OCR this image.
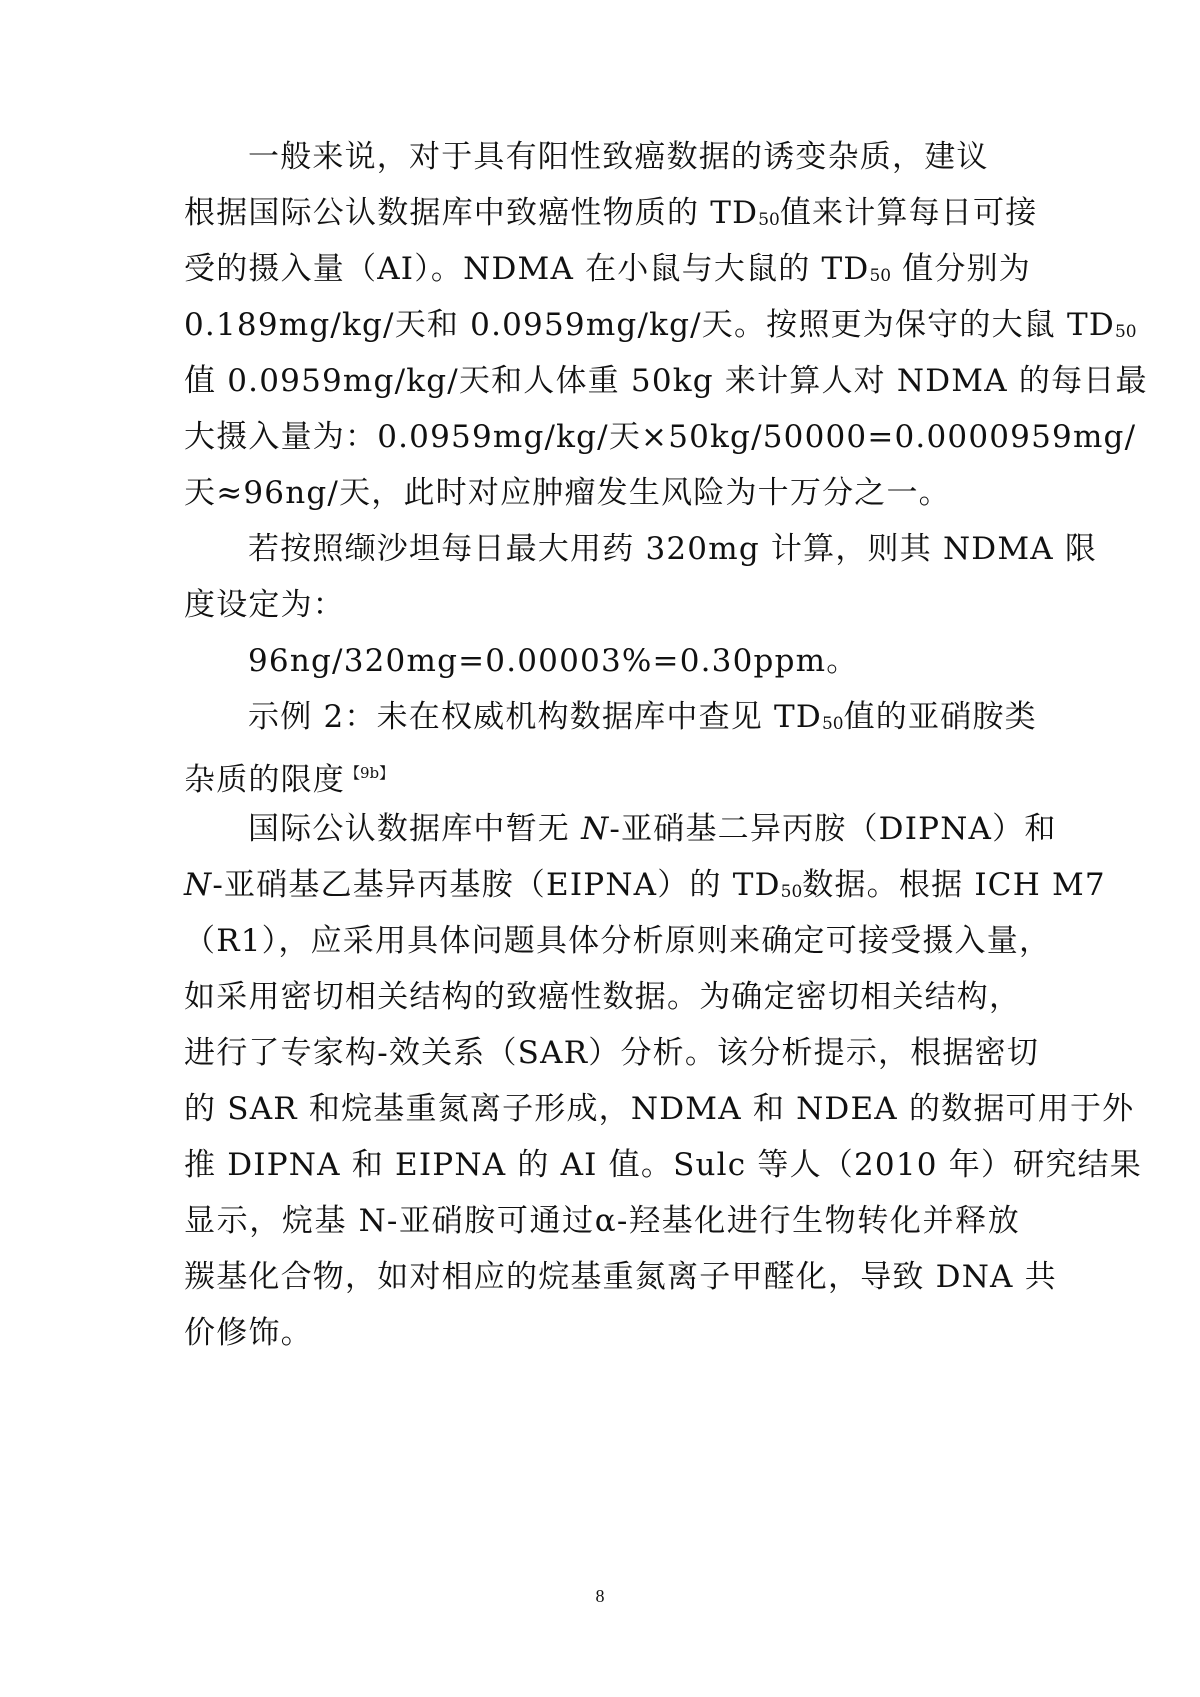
一般来说，对于具有阳性致癌数据的诱变杂质，建议
根据国际公认数据库中致癌性物质的 TD50值来计算每日可接
受的摄入量（AI）。NDMA 在小鼠与大鼠的 TD50 值分别为
0.189mg/kg/天和 0.0959mg/kg/天。按照更为保守的大鼠 TD50
值 0.0959mg/kg/天和人体重 50kg 来计算人对 NDMA 的每日最
大摄入量为：0.0959mg/kg/天×50kg/50000=0.0000959mg/
天≈96ng/天，此时对应肿瘤发生风险为十万分之一。
若按照缬沙坦每日最大用药 320mg 计算，则其 NDMA 限
度设定为：
96ng/320mg=0.00003%=0.30ppm。
示例 2：未在权威机构数据库中查见 TD50值的亚硝胺类
杂质的限度$^{【9b】}$
国际公认数据库中暂无 N-亚硝基二异丙胺（DIPNA）和
N-亚硝基乙基异丙基胺（EIPNA）的 TD50数据。根据 ICH M7
（R1），应采用具体问题具体分析原则来确定可接受摄入量，
如采用密切相关结构的致癌性数据。为确定密切相关结构，
进行了专家构-效关系（SAR）分析。该分析提示，根据密切
的 SAR 和烷基重氮离子形成，NDMA 和 NDEA 的数据可用于外
推 DIPNA 和 EIPNA 的 AI 值。Sulc 等人（2010 年）研究结果
显示，烷基 N-亚硝胺可通过α-羟基化进行生物转化并释放
羰基化合物，如对相应的烷基重氮离子甲醛化，导致 DNA 共
价修饰。
8
